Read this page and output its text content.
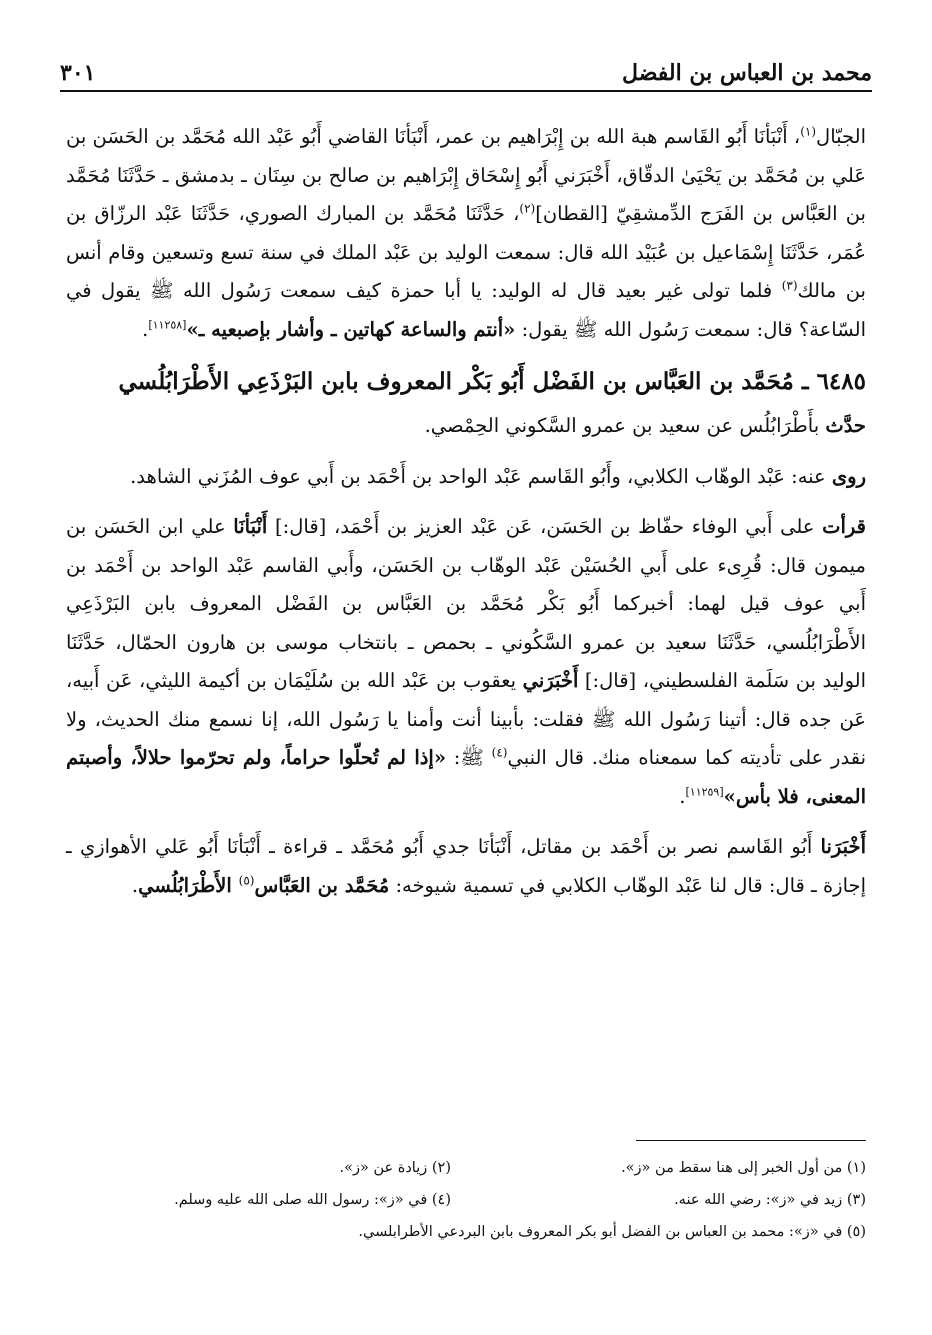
محمد بن العباس بن الفضل
٣٠١

الجبّال$^{(١)}$، أَنْبَأنَا أَبُو القَاسم هبة الله بن إِبْرَاهيم بن عمر، أَنْبَأنَا القاضي أَبُو عَبْد الله مُحَمَّد بن الحَسَن بن عَلي بن مُحَمَّد بن يَحْيَىٰ الدقّاق، أَخْبَرَني أَبُو إِسْحَاق إِبْرَاهيم بن صالح بن سِنَان ـ بدمشق ـ حَدَّثَنَا مُحَمَّد بن العَبَّاس بن الفَرَج الدِّمشقِيّ [القطان]$^{(٢)}$، حَدَّثَنَا مُحَمَّد بن المبارك الصوري، حَدَّثَنَا عَبْد الرزّاق بن عُمَر، حَدَّثَنَا إِسْمَاعيل بن عُبَيْد الله قال: سمعت الوليد بن عَبْد الملك في سنة تسع وتسعين وقام أنس بن مالك$^{(٣)}$ فلما تولى غير بعيد قال له الوليد: يا أبا حمزة كيف سمعت رَسُول الله ﷺ يقول في السّاعة؟ قال: سمعت رَسُول الله ﷺ يقول: «أنتم والساعة كهاتين ـ وأشار بإصبعيه ـ»[١١٢٥٨].

٦٤٨٥ ـ مُحَمَّد بن العَبَّاس بن الفَضْل أَبُو بَكْر المعروف بابن البَرْذَعِي الأَطْرَابُلُسي

حدَّث بأَطْرَابُلُس عن سعيد بن عمرو السَّكوني الحِمْصي.

روى عنه: عَبْد الوهّاب الكلابي، وأَبُو القَاسم عَبْد الواحد بن أَحْمَد بن أَبي عوف المُزَني الشاهد.

قرأت على أَبي الوفاء حفّاظ بن الحَسَن، عَن عَبْد العزيز بن أَحْمَد، [قال:] أَنْبَأنَا علي ابن الحَسَن بن ميمون قال: قُرِىء على أَبي الحُسَيْن عَبْد الوهّاب بن الحَسَن، وأَبي القاسم عَبْد الواحد بن أَحْمَد بن أَبي عوف قيل لهما: أخبركما أَبُو بَكْر مُحَمَّد بن العَبَّاس بن الفَضْل المعروف بابن البَرْذَعِي الأَطْرَابُلُسي، حَدَّثَنَا سعيد بن عمرو السَّكُوني ـ بحمص ـ بانتخاب موسى بن هارون الحمّال، حَدَّثَنَا الوليد بن سَلَمة الفلسطيني، [قال:] أَخْبَرَني يعقوب بن عَبْد الله بن سُلَيْمَان بن أكيمة الليثي، عَن أَبيه، عَن جده قال: أتينا رَسُول الله ﷺ فقلت: بأبينا أنت وأمنا يا رَسُول الله، إنا نسمع منك الحديث، ولا نقدر على تأديته كما سمعناه منك. قال النبي$^{(٤)}$ ﷺ: «إذا لم تُحلّوا حراماً، ولم تحرّموا حلالاً، وأصبتم المعنى، فلا بأس»[١١٢٥٩].

أَخْبَرَنا أَبُو القَاسم نصر بن أَحْمَد بن مقاتل، أَنْبَأنَا جدي أَبُو مُحَمَّد ـ قراءة ـ أَنْبَأنَا أَبُو عَلي الأهوازي ـ إجازة ـ قال: قال لنا عَبْد الوهّاب الكلابي في تسمية شيوخه: مُحَمَّد بن العَبَّاس$^{(٥)}$ الأَطْرَابُلُسي.

(١) من أول الخبر إلى هنا سقط من «ز».
(٢) زيادة عن «ز».
(٣) زيد في «ز»: رضي الله عنه.
(٤) في «ز»: رسول الله صلى الله عليه وسلم.
(٥) في «ز»: محمد بن العباس بن الفضل أبو بكر المعروف بابن البردعي الأطرابلسي.
